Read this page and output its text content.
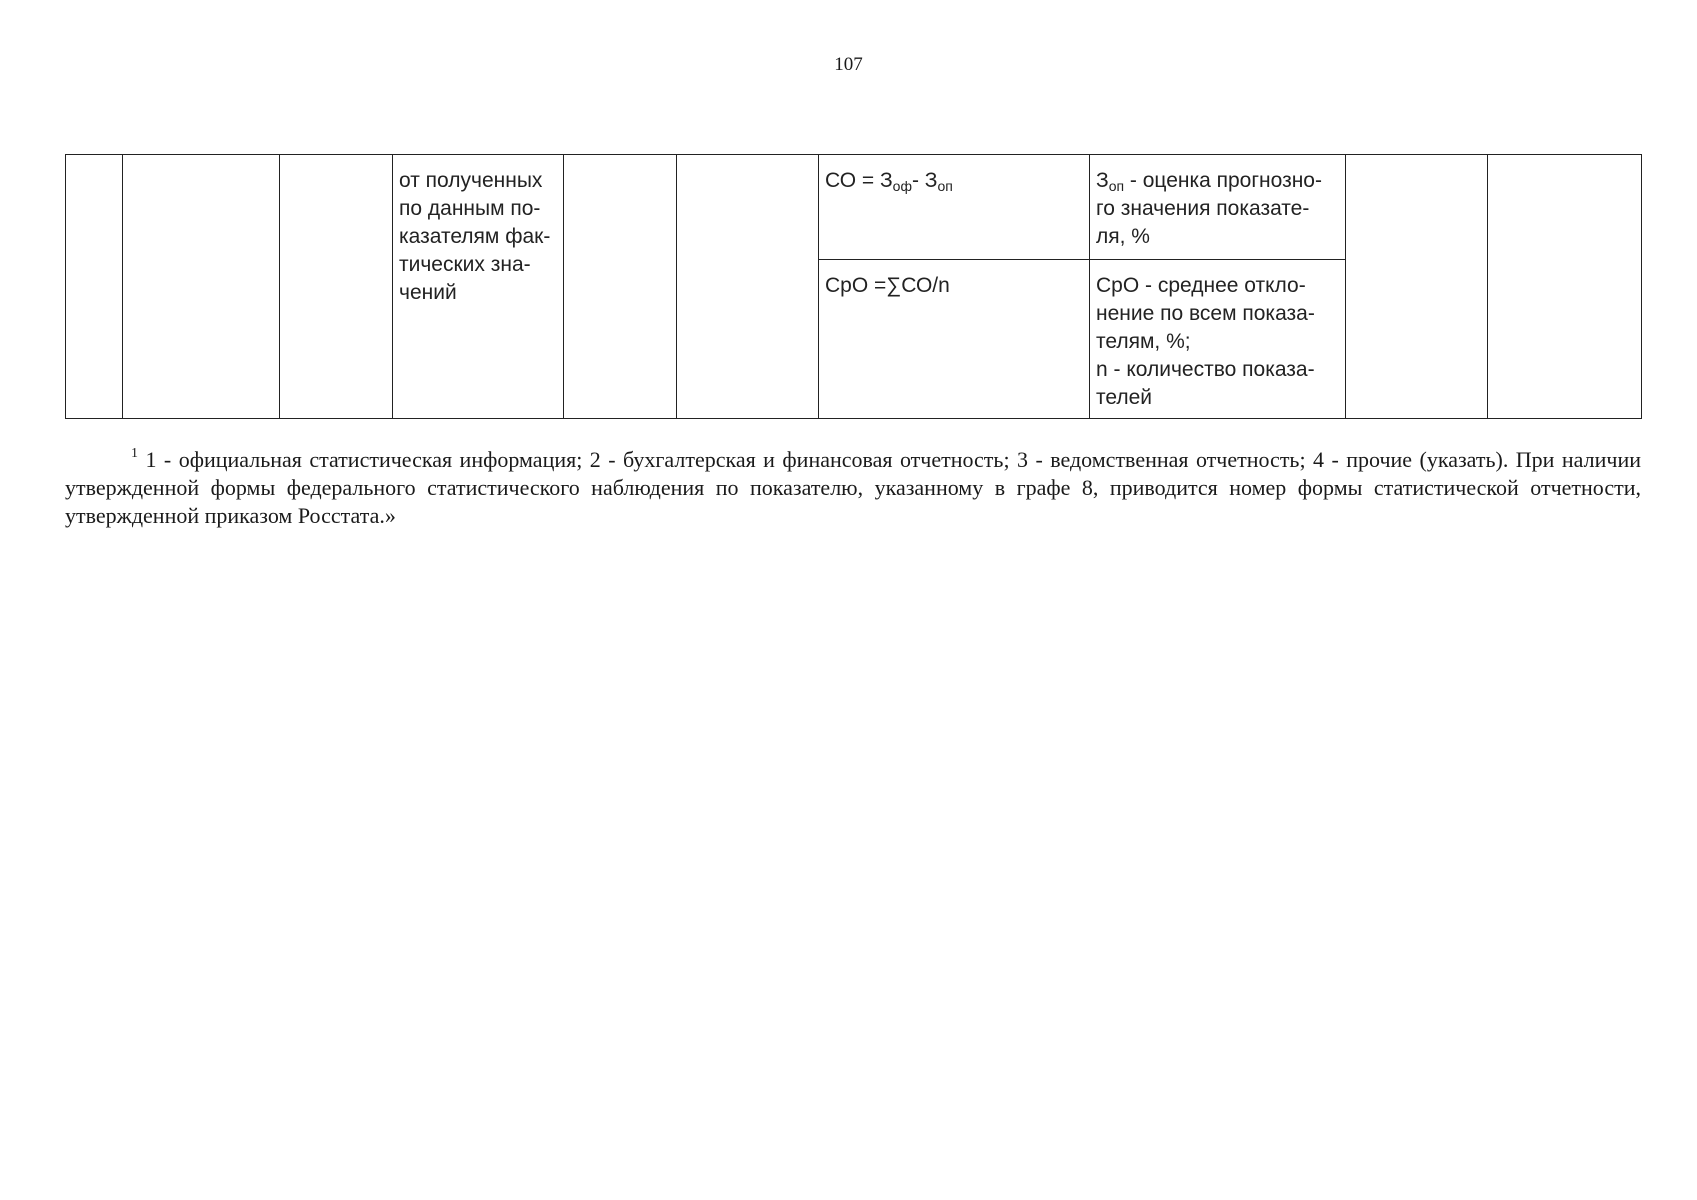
107
			от полученных
по данным по-
казателям фак-
тических зна-
чений			СО = $З_{оф}-$ $З_{оп}$	$З_{оп}$ - оценка прогнозно-
го значения показате-
ля, %		
						СрО =∑СО/n	СрО - среднее откло-
нение по всем показа-
телям, %;
n - количество показа-
телей		
$^1$ 1 - официальная статистическая информация; 2 - бухгалтерская и финансовая отчетность; 3 - ведомственная отчетность; 4 - прочие (указать). При наличии утвержденной формы федерального статистического наблюдения по показателю, указанному в графе 8, приводится номер формы статистической отчетности, утвержденной приказом Росстата.»
